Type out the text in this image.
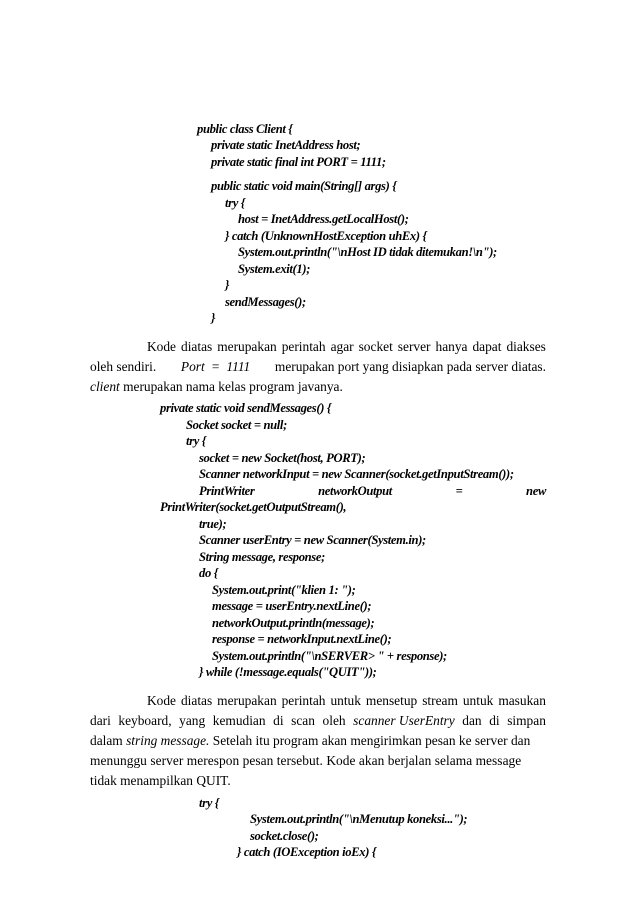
public class Client {
private static InetAddress host;
private static final int PORT = 1111;
public static void main(String[] args) {
try {
host = InetAddress.getLocalHost();
} catch (UnknownHostException uhEx) {
System.out.println("\nHost ID tidak ditemukan!\n");
System.exit(1);
}
sendMessages();
}
Kode diatas merupakan perintah agar socket server hanya dapat diakses
oleh sendiri. Port = 1111 merupakan port yang disiapkan pada server diatas.
client merupakan nama kelas program javanya.
private static void sendMessages() {
Socket socket = null;
try {
socket = new Socket(host, PORT);
Scanner networkInput = new Scanner(socket.getInputStream());
PrintWriter	networkOutput	=	new
PrintWriter(socket.getOutputStream(),
true);
Scanner userEntry = new Scanner(System.in);
String message, response;
do {
System.out.print("klien 1: ");
message = userEntry.nextLine();
networkOutput.println(message);
response = networkInput.nextLine();
System.out.println("\nSERVER> " + response);
} while (!message.equals("QUIT"));
Kode diatas merupakan perintah untuk mensetup stream untuk masukan
dari keyboard, yang kemudian di scan oleh scanner UserEntry dan di simpan
dalam string message. Setelah itu program akan mengirimkan pesan ke server dan
menunggu server merespon pesan tersebut. Kode akan berjalan selama message
tidak menampilkan QUIT.
try {
System.out.println("\nMenutup koneksi...");
socket.close();
} catch (IOException ioEx) {
